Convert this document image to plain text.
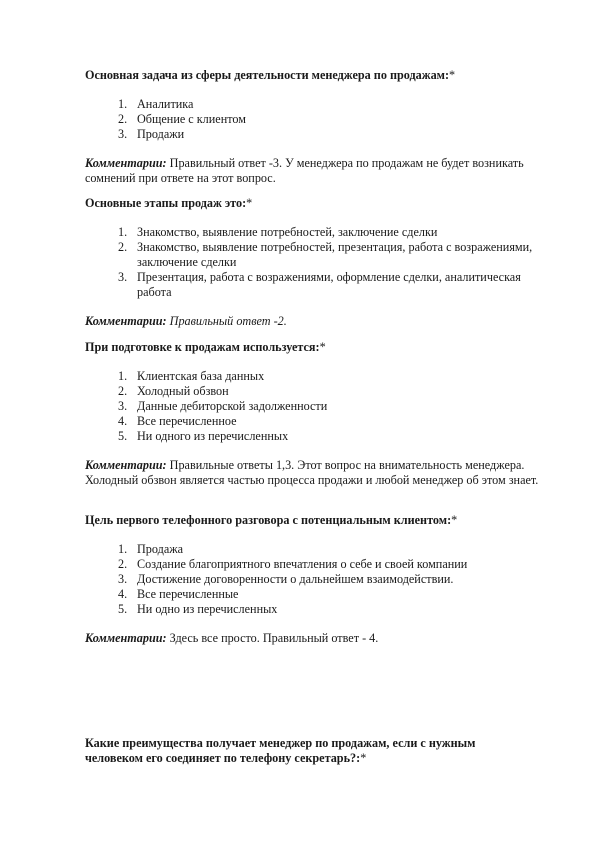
Основная задача из сферы деятельности менеджера по продажам:*

1. Аналитика
2. Общение с клиентом
3. Продажи

Комментарии: Правильный ответ -3. У менеджера по продажам не будет возникать сомнений при ответе на этот вопрос.

Основные этапы продаж это:*

1. Знакомство, выявление потребностей, заключение сделки
2. Знакомство, выявление потребностей, презентация, работа с возражениями, заключение сделки
3. Презентация, работа с возражениями, оформление сделки, аналитическая работа

Комментарии: Правильный ответ -2.

При подготовке к продажам используется:*

1. Клиентская база данных
2. Холодный обзвон
3. Данные дебиторской задолженности
4. Все перечисленное
5. Ни одного из перечисленных

Комментарии: Правильные ответы 1,3. Этот вопрос на внимательность менеджера. Холодный обзвон является частью процесса продажи и любой менеджер об этом знает.

Цель первого телефонного разговора с потенциальным клиентом:*

1. Продажа
2. Создание благоприятного впечатления о себе и своей компании
3. Достижение договоренности о дальнейшем взаимодействии.
4. Все перечисленные
5. Ни одно из перечисленных

Комментарии: Здесь все просто. Правильный ответ - 4.

Какие преимущества получает менеджер по продажам, если с нужным человеком его соединяет по телефону секретарь?:*
